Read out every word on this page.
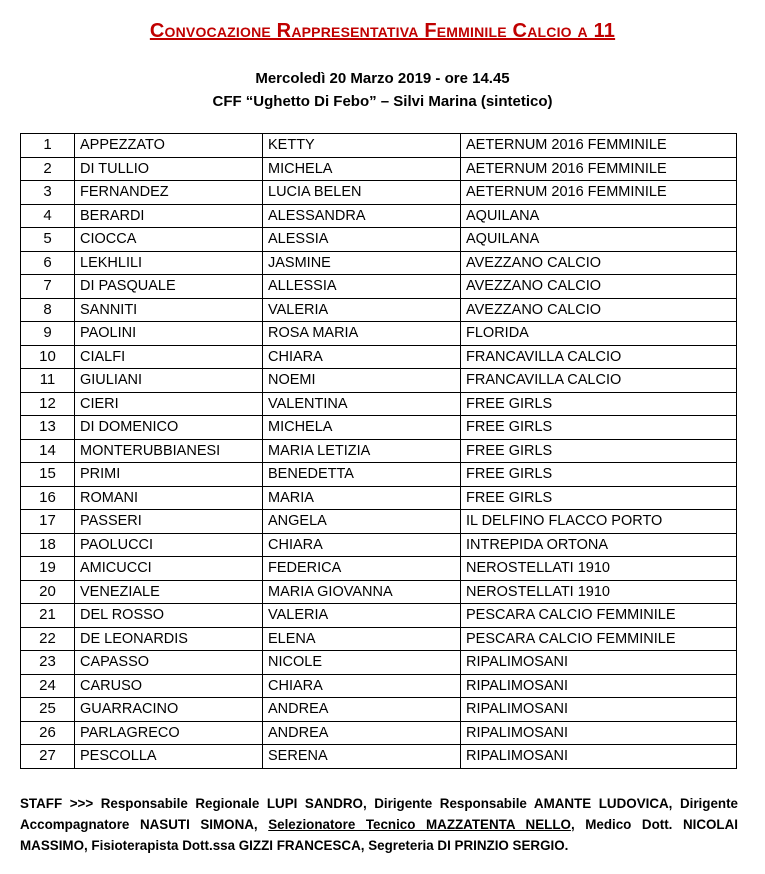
Convocazione Rappresentativa Femminile Calcio a 11
Mercoledì 20 Marzo 2019 - ore 14.45
CFF “Ughetto Di Febo” – Silvi Marina (sintetico)
1	APPEZZATO	KETTY	AETERNUM 2016 FEMMINILE
2	DI TULLIO	MICHELA	AETERNUM 2016 FEMMINILE
3	FERNANDEZ	LUCIA BELEN	AETERNUM 2016 FEMMINILE
4	BERARDI	ALESSANDRA	AQUILANA
5	CIOCCA	ALESSIA	AQUILANA
6	LEKHLILI	JASMINE	AVEZZANO CALCIO
7	DI PASQUALE	ALLESSIA	AVEZZANO CALCIO
8	SANNITI	VALERIA	AVEZZANO CALCIO
9	PAOLINI	ROSA MARIA	FLORIDA
10	CIALFI	CHIARA	FRANCAVILLA CALCIO
11	GIULIANI	NOEMI	FRANCAVILLA CALCIO
12	CIERI	VALENTINA	FREE GIRLS
13	DI DOMENICO	MICHELA	FREE GIRLS
14	MONTERUBBIANESI	MARIA LETIZIA	FREE GIRLS
15	PRIMI	BENEDETTA	FREE GIRLS
16	ROMANI	MARIA	FREE GIRLS
17	PASSERI	ANGELA	IL DELFINO FLACCO PORTO
18	PAOLUCCI	CHIARA	INTREPIDA ORTONA
19	AMICUCCI	FEDERICA	NEROSTELLATI 1910
20	VENEZIALE	MARIA GIOVANNA	NEROSTELLATI 1910
21	DEL ROSSO	VALERIA	PESCARA CALCIO FEMMINILE
22	DE LEONARDIS	ELENA	PESCARA CALCIO FEMMINILE
23	CAPASSO	NICOLE	RIPALIMOSANI
24	CARUSO	CHIARA	RIPALIMOSANI
25	GUARRACINO	ANDREA	RIPALIMOSANI
26	PARLAGRECO	ANDREA	RIPALIMOSANI
27	PESCOLLA	SERENA	RIPALIMOSANI
STAFF >>> Responsabile Regionale LUPI SANDRO, Dirigente Responsabile AMANTE LUDOVICA, Dirigente Accompagnatore NASUTI SIMONA, Selezionatore Tecnico MAZZATENTA NELLO, Medico Dott. NICOLAI MASSIMO, Fisioterapista Dott.ssa GIZZI FRANCESCA, Segreteria DI PRINZIO SERGIO.
